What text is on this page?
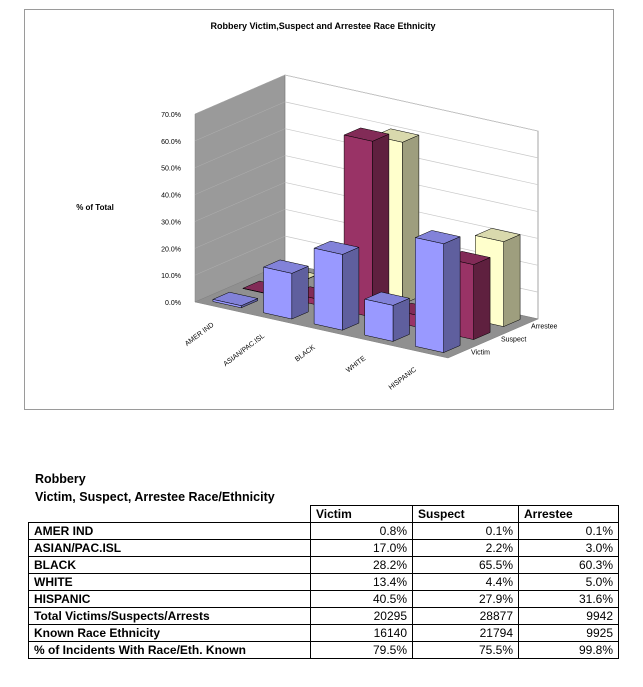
0.0%
10.0%
20.0%
30.0%
40.0%
50.0%
60.0%
70.0%
AMER IND ASIAN/PAC.ISL	BLACK
WHITE
HISPANIC
Victim
Suspect
Arrestee
Robbery Victim,Suspect and Arrestee Race Ethnicity
% of Total
Robbery
Victim, Suspect, Arrestee Race/Ethnicity
	Victim	Suspect	Arrestee
AMER IND	0.8%	0.1%	0.1%
ASIAN/PAC.ISL	17.0%	2.2%	3.0%
BLACK	28.2%	65.5%	60.3%
WHITE	13.4%	4.4%	5.0%
HISPANIC	40.5%	27.9%	31.6%
Total Victims/Suspects/Arrests	20295	28877	9942
Known Race Ethnicity	16140	21794	9925
% of Incidents With Race/Eth. Known	79.5%	75.5%	99.8%
